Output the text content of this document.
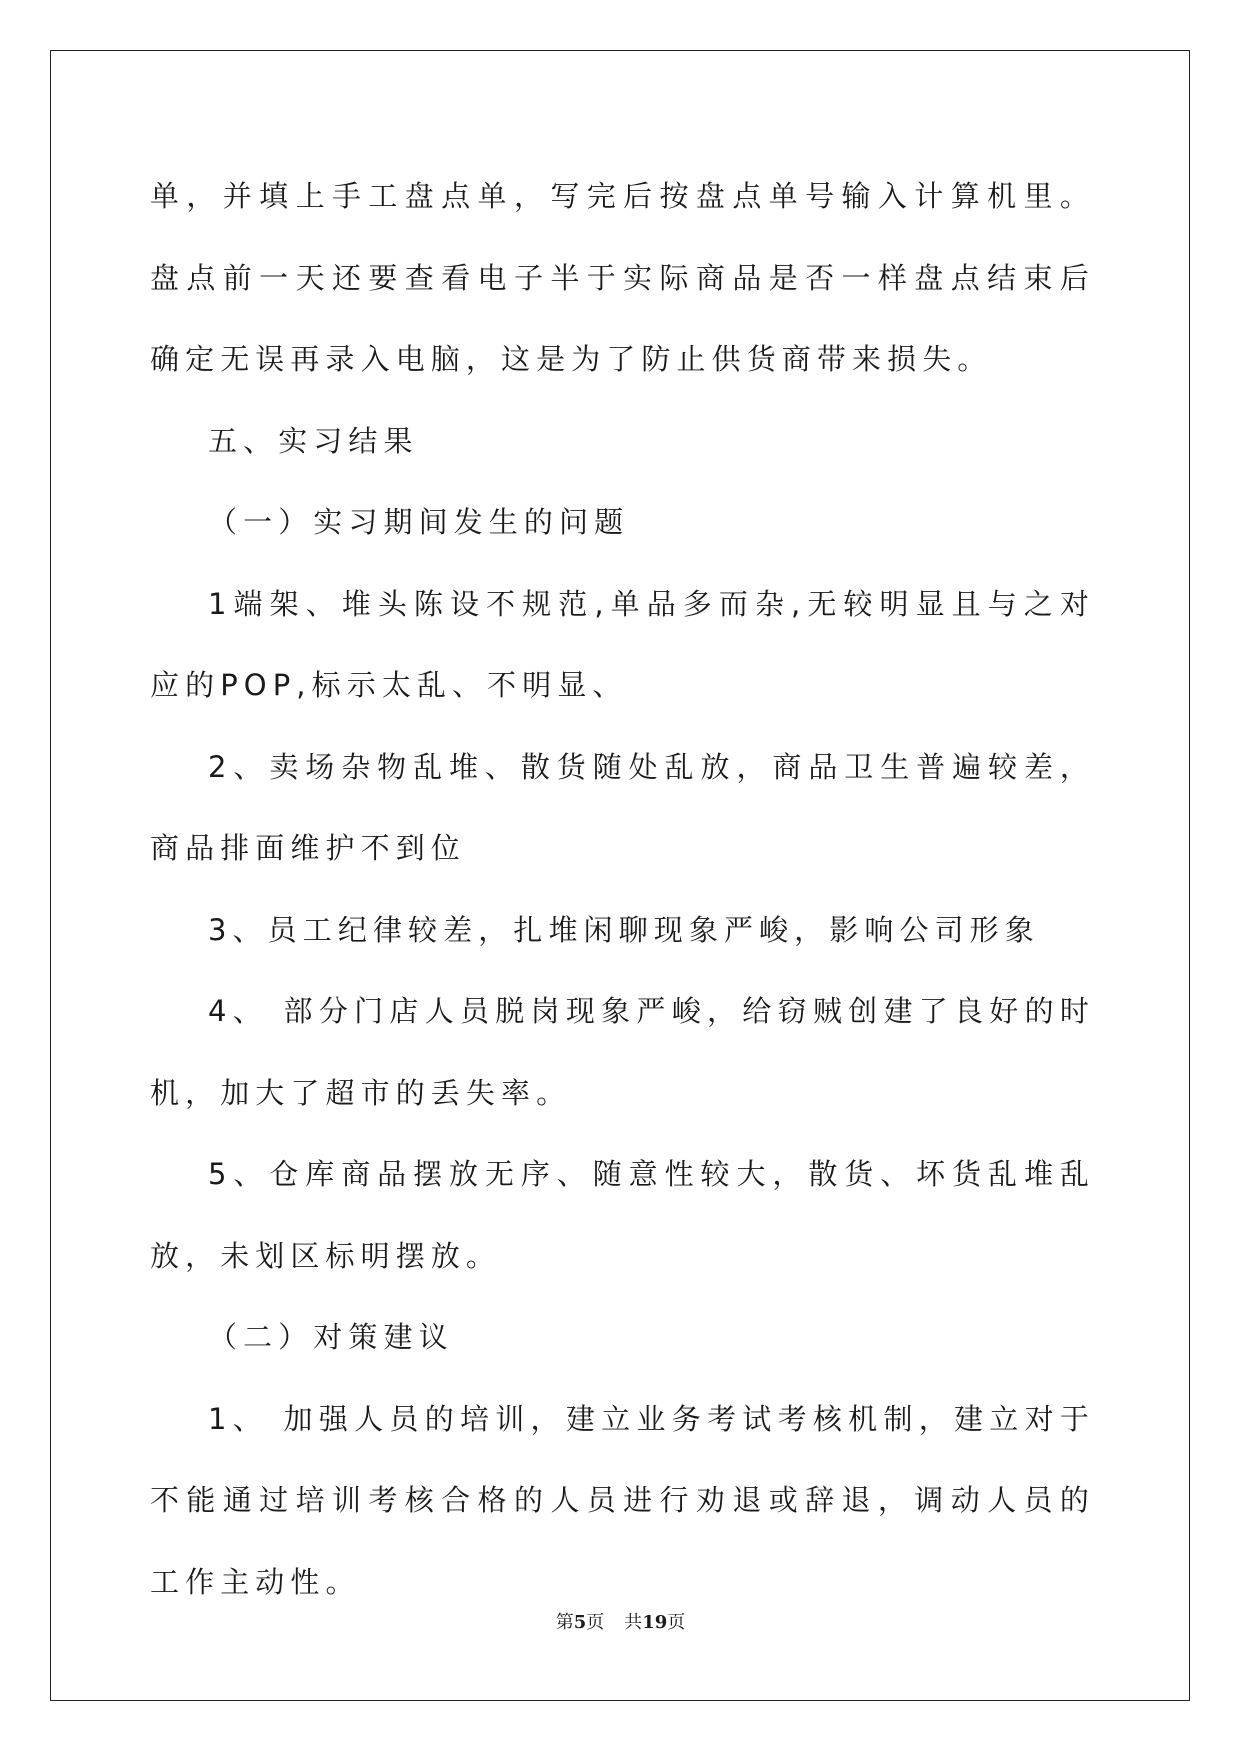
单，并填上手工盘点单，写完后按盘点单号输入计算机里。盘点前一天还要查看电子半于实际商品是否一样盘点结束后确定无误再录入电脑，这是为了防止供货商带来损失。

五、实习结果

（一）实习期间发生的问题

1端架、堆头陈设不规范,单品多而杂,无较明显且与之对应的POP,标示太乱、不明显、

2、卖场杂物乱堆、散货随处乱放，商品卫生普遍较差，商品排面维护不到位

3、员工纪律较差，扎堆闲聊现象严峻，影响公司形象

4、 部分门店人员脱岗现象严峻，给窃贼创建了良好的时机，加大了超市的丢失率。

5、仓库商品摆放无序、随意性较大，散货、坏货乱堆乱放，未划区标明摆放。

（二）对策建议

1、 加强人员的培训，建立业务考试考核机制，建立对于不能通过培训考核合格的人员进行劝退或辞退，调动人员的工作主动性。

第5页 共19页
